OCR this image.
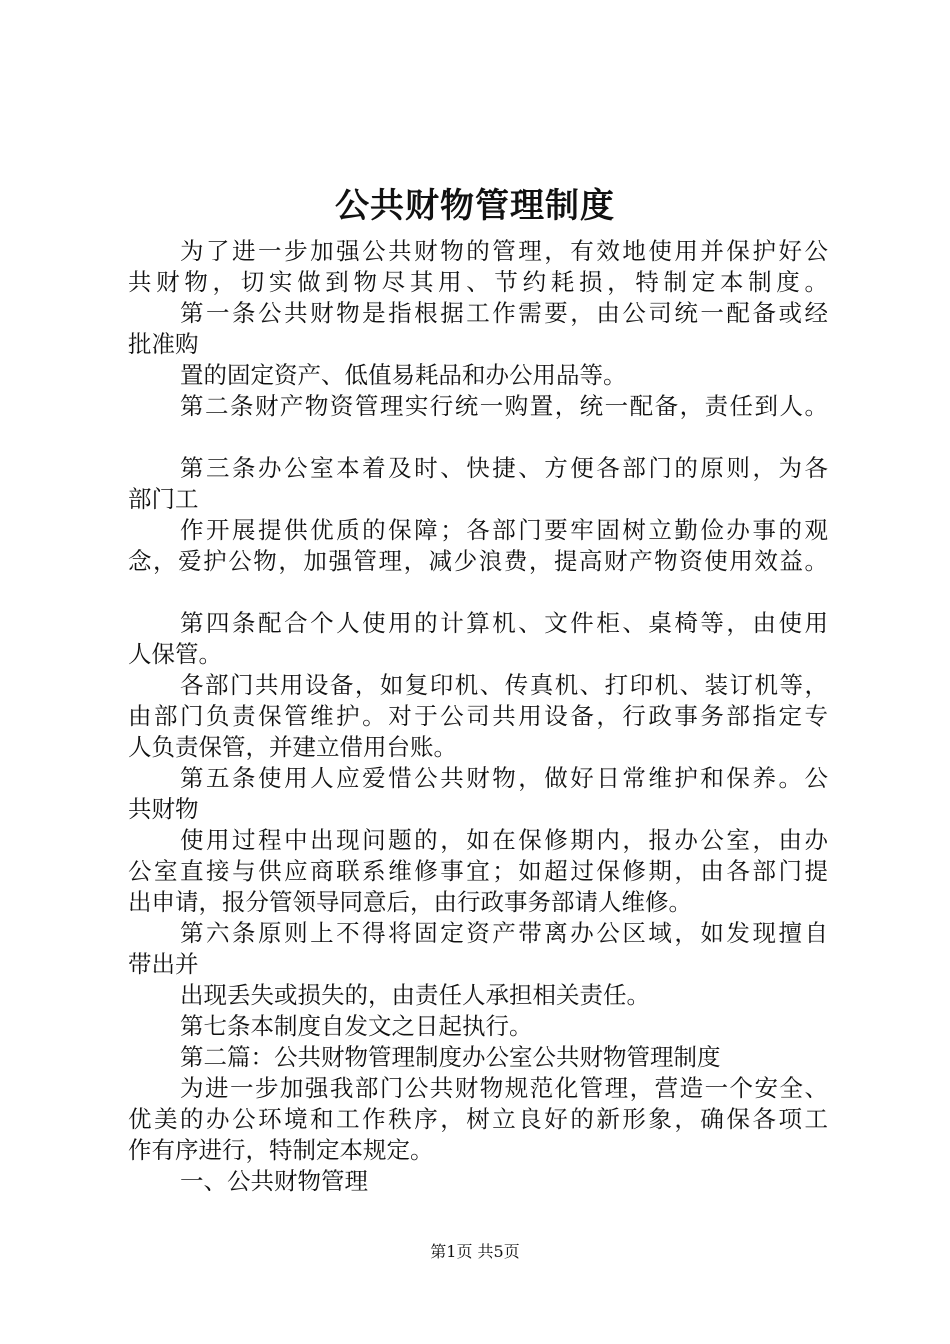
公共财物管理制度
为了进一步加强公共财物的管理，有效地使用并保护好公
共财物，切实做到物尽其用、节约耗损，特制定本制度。
第一条公共财物是指根据工作需要，由公司统一配备或经
批准购
置的固定资产、低值易耗品和办公用品等。
第二条财产物资管理实行统一购置，统一配备，责任到人。
第三条办公室本着及时、快捷、方便各部门的原则，为各
部门工
作开展提供优质的保障；各部门要牢固树立勤俭办事的观
念，爱护公物，加强管理，减少浪费，提高财产物资使用效益。
第四条配合个人使用的计算机、文件柜、桌椅等，由使用
人保管。
各部门共用设备，如复印机、传真机、打印机、装订机等，
由部门负责保管维护。对于公司共用设备，行政事务部指定专
人负责保管，并建立借用台账。
第五条使用人应爱惜公共财物，做好日常维护和保养。公
共财物
使用过程中出现问题的，如在保修期内，报办公室，由办
公室直接与供应商联系维修事宜；如超过保修期，由各部门提
出申请，报分管领导同意后，由行政事务部请人维修。
第六条原则上不得将固定资产带离办公区域，如发现擅自
带出并
出现丢失或损失的，由责任人承担相关责任。
第七条本制度自发文之日起执行。
第二篇：公共财物管理制度办公室公共财物管理制度
为进一步加强我部门公共财物规范化管理，营造一个安全、
优美的办公环境和工作秩序，树立良好的新形象，确保各项工
作有序进行，特制定本规定。
一、公共财物管理
第1页 共5页
